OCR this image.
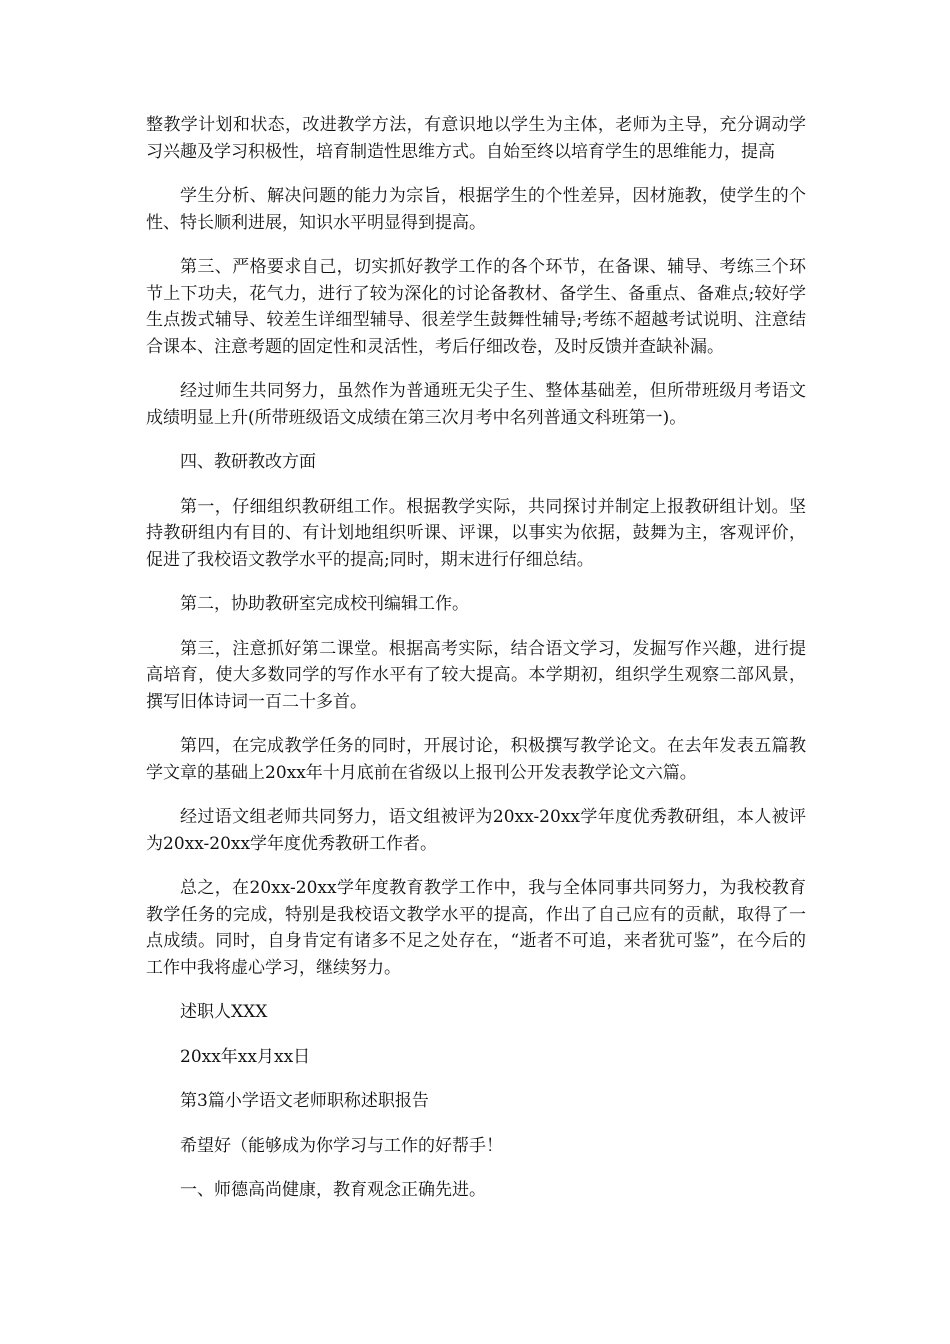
整教学计划和状态，改进教学方法，有意识地以学生为主体，老师为主导，充分调动学习兴趣及学习积极性，培育制造性思维方式。自始至终以培育学生的思维能力，提高

学生分析、解决问题的能力为宗旨，根据学生的个性差异，因材施教，使学生的个性、特长顺利进展，知识水平明显得到提高。

第三、严格要求自己，切实抓好教学工作的各个环节，在备课、辅导、考练三个环节上下功夫，花气力，进行了较为深化的讨论备教材、备学生、备重点、备难点;较好学生点拨式辅导、较差生详细型辅导、很差学生鼓舞性辅导;考练不超越考试说明、注意结合课本、注意考题的固定性和灵活性，考后仔细改卷，及时反馈并查缺补漏。

经过师生共同努力，虽然作为普通班无尖子生、整体基础差，但所带班级月考语文成绩明显上升(所带班级语文成绩在第三次月考中名列普通文科班第一)。

四、教研教改方面

第一，仔细组织教研组工作。根据教学实际，共同探讨并制定上报教研组计划。坚持教研组内有目的、有计划地组织听课、评课，以事实为依据，鼓舞为主，客观评价，促进了我校语文教学水平的提高;同时，期末进行仔细总结。

第二，协助教研室完成校刊编辑工作。

第三，注意抓好第二课堂。根据高考实际，结合语文学习，发掘写作兴趣，进行提高培育，使大多数同学的写作水平有了较大提高。本学期初，组织学生观察二部风景，撰写旧体诗词一百二十多首。

第四，在完成教学任务的同时，开展讨论，积极撰写教学论文。在去年发表五篇教学文章的基础上20xx年十月底前在省级以上报刊公开发表教学论文六篇。

经过语文组老师共同努力，语文组被评为20xx-20xx学年度优秀教研组，本人被评为20xx-20xx学年度优秀教研工作者。

总之，在20xx-20xx学年度教育教学工作中，我与全体同事共同努力，为我校教育教学任务的完成，特别是我校语文教学水平的提高，作出了自己应有的贡献，取得了一点成绩。同时，自身肯定有诸多不足之处存在，“逝者不可追，来者犹可鉴”，在今后的工作中我将虚心学习，继续努力。

述职人XXX

20xx年xx月xx日

第3篇小学语文老师职称述职报告

希望好（能够成为你学习与工作的好帮手！

一、师德高尚健康，教育观念正确先进。
